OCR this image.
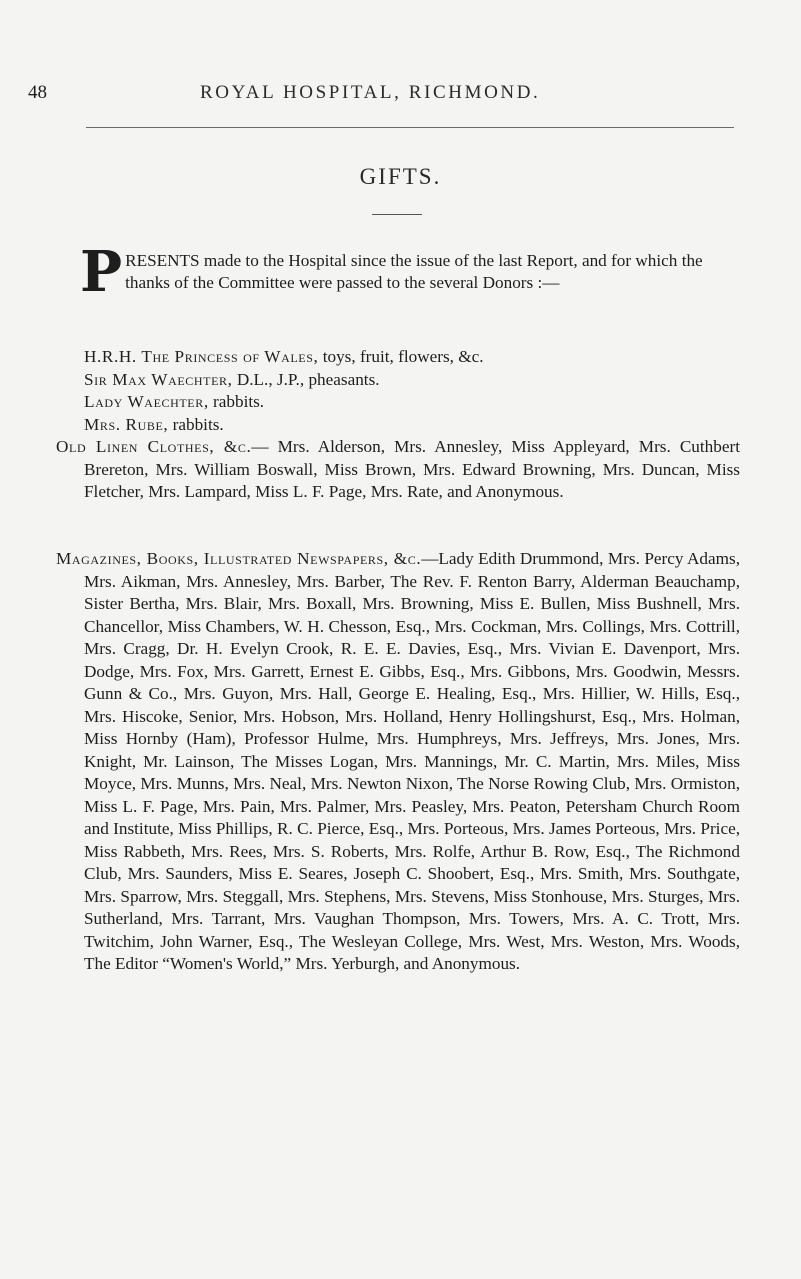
48	ROYAL HOSPITAL, RICHMOND.
GIFTS.
P RESENTS made to the Hospital since the issue of the last Report, and for which the thanks of the Committee were passed to the several Donors :—

H.R.H. The Princess of Wales, toys, fruit, flowers, &c.

Sir Max Waechter, D.L., J.P., pheasants.

Lady Waechter, rabbits.

Mrs. Rube, rabbits.

Old Linen Clothes, &c.— Mrs. Alderson, Mrs. Annesley, Miss Appleyard, Mrs. Cuthbert Brereton, Mrs. William Boswall, Miss Brown, Mrs. Edward Browning, Mrs. Duncan, Miss Fletcher, Mrs. Lampard, Miss L. F. Page, Mrs. Rate, and Anonymous.

Magazines, Books, Illustrated Newspapers, &c.—Lady Edith Drummond, Mrs. Percy Adams, Mrs. Aikman, Mrs. Annesley, Mrs. Barber, The Rev. F. Renton Barry, Alderman Beauchamp, Sister Bertha, Mrs. Blair, Mrs. Boxall, Mrs. Browning, Miss E. Bullen, Miss Bushnell, Mrs. Chancellor, Miss Chambers, W. H. Chesson, Esq., Mrs. Cockman, Mrs. Collings, Mrs. Cottrill, Mrs. Cragg, Dr. H. Evelyn Crook, R. E. E. Davies, Esq., Mrs. Vivian E. Davenport, Mrs. Dodge, Mrs. Fox, Mrs. Garrett, Ernest E. Gibbs, Esq., Mrs. Gibbons, Mrs. Goodwin, Messrs. Gunn & Co., Mrs. Guyon, Mrs. Hall, George E. Healing, Esq., Mrs. Hillier, W. Hills, Esq., Mrs. Hiscoke, Senior, Mrs. Hobson, Mrs. Holland, Henry Hollingshurst, Esq., Mrs. Holman, Miss Hornby (Ham), Professor Hulme, Mrs. Humphreys, Mrs. Jeffreys, Mrs. Jones, Mrs. Knight, Mr. Lainson, The Misses Logan, Mrs. Mannings, Mr. C. Martin, Mrs. Miles, Miss Moyce, Mrs. Munns, Mrs. Neal, Mrs. Newton Nixon, The Norse Rowing Club, Mrs. Ormiston, Miss L. F. Page, Mrs. Pain, Mrs. Palmer, Mrs. Peasley, Mrs. Peaton, Petersham Church Room and Institute, Miss Phillips, R. C. Pierce, Esq., Mrs. Porteous, Mrs. James Porteous, Mrs. Price, Miss Rabbeth, Mrs. Rees, Mrs. S. Roberts, Mrs. Rolfe, Arthur B. Row, Esq., The Richmond Club, Mrs. Saunders, Miss E. Seares, Joseph C. Shoobert, Esq., Mrs. Smith, Mrs. Southgate, Mrs. Sparrow, Mrs. Steggall, Mrs. Stephens, Mrs. Stevens, Miss Stonhouse, Mrs. Sturges, Mrs. Sutherland, Mrs. Tarrant, Mrs. Vaughan Thompson, Mrs. Towers, Mrs. A. C. Trott, Mrs. Twitchim, John Warner, Esq., The Wesleyan College, Mrs. West, Mrs. Weston, Mrs. Woods, The Editor “Women's World,” Mrs. Yerburgh, and Anonymous.
